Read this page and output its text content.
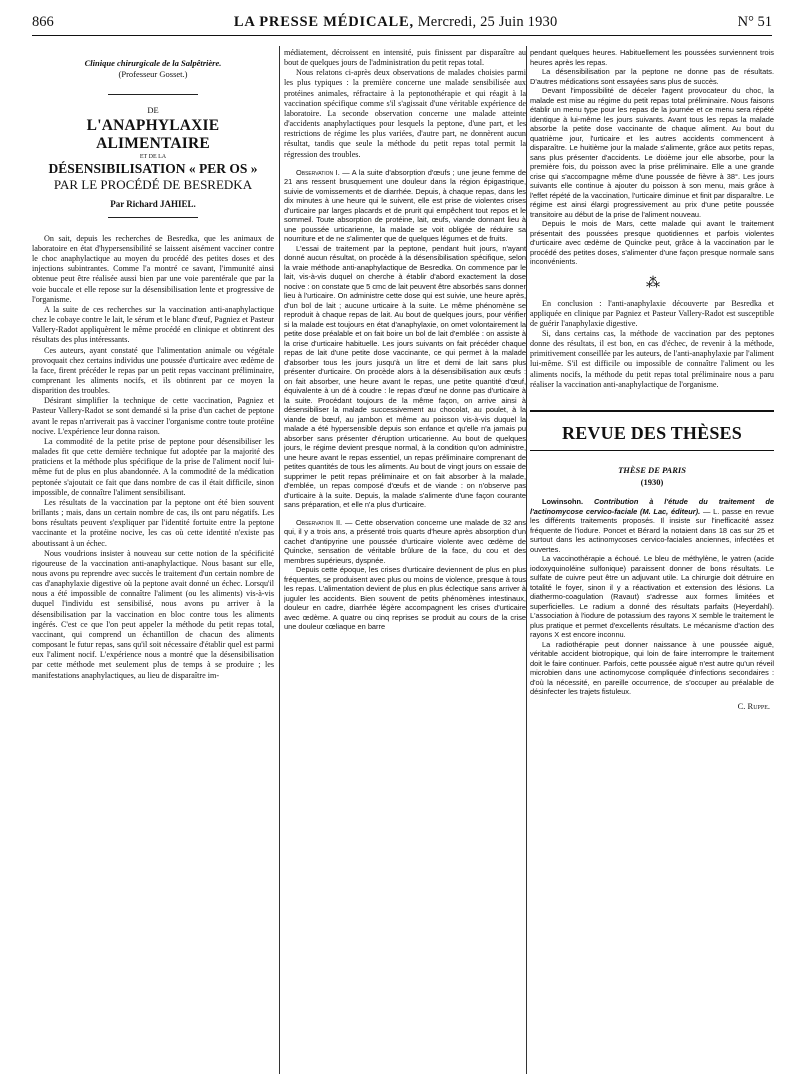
866	LA PRESSE MÉDICALE, Mercredi, 25 Juin 1930	N° 51
Clinique chirurgicale de la Salpêtrière.
(Professeur Gosset.)
DE
L'ANAPHYLAXIE ALIMENTAIRE
ET DE LA
DÉSENSIBILISATION « PER OS »
PAR LE PROCÉDÉ DE BESREDKA
Par Richard JAHIEL.

On sait, depuis les recherches de Besredka, que les animaux de laboratoire en état d'hypersensibilité se laissent aisément vacciner contre le choc anaphylactique au moyen du procédé des petites doses et des injections subintrantes. Comme l'a montré ce savant, l'immunité ainsi obtenue peut être réalisée aussi bien par une voie parentérale que par la voie buccale et elle repose sur la désensibilisation lente et progressive de l'organisme.

A la suite de ces recherches sur la vaccination anti-anaphylactique chez le cobaye contre le lait, le sérum et le blanc d'œuf, Pagniez et Pasteur Vallery-Radot appliquèrent le même procédé en clinique et obtinrent des résultats des plus intéressants.

Ces auteurs, ayant constaté que l'alimentation animale ou végétale provoquait chez certains individus une poussée d'urticaire avec œdème de la face, firent précéder le repas par un petit repas vaccinant préliminaire, comprenant les aliments nocifs, et ils obtinrent par ce moyen la disparition des troubles.

Désirant simplifier la technique de cette vaccination, Pagniez et Pasteur Vallery-Radot se sont demandé si la prise d'un cachet de peptone avant le repas n'arriverait pas à vacciner l'organisme contre toute protéine nocive. L'expérience leur donna raison.

La commodité de la petite prise de peptone pour désensibiliser les malades fit que cette dernière technique fut adoptée par la majorité des praticiens et la méthode plus spécifique de la prise de l'aliment nocif lui-même fut de plus en plus abandonnée. A la commodité de la médication peptonée s'ajoutait ce fait que dans nombre de cas il était difficile, sinon impossible, de connaître l'aliment sensibilisant.

Les résultats de la vaccination par la peptone ont été bien souvent brillants ; mais, dans un certain nombre de cas, ils ont paru négatifs. Les bons résultats peuvent s'expliquer par l'identité fortuite entre la peptone vaccinante et la protéine nocive, les cas où cette identité n'existe pas aboutissant à un échec.

Nous voudrions insister à nouveau sur cette notion de la spécificité rigoureuse de la vaccination anti-anaphylactique. Nous basant sur elle, nous avons pu reprendre avec succès le traitement d'un certain nombre de cas d'anaphylaxie digestive où la peptone avait donné un échec. Lorsqu'il nous a été impossible de connaître l'aliment (ou les aliments) vis-à-vis duquel l'individu est sensibilisé, nous avons pu arriver à la désensibilisation par la vaccination en bloc contre tous les aliments ingérés. C'est ce que l'on peut appeler la méthode du petit repas total, vaccinant, qui comprend un échantillon de chacun des aliments composant le futur repas, sans qu'il soit nécessaire d'établir quel est parmi eux l'aliment nocif. L'expérience nous a montré que la désensibilisation par cette méthode met seulement plus de temps à se produire ; les manifestations anaphylactiques, au lieu de disparaître im-

médiatement, décroissent en intensité, puis finissent par disparaître au bout de quelques jours de l'administration du petit repas total.

Nous relatons ci-après deux observations de malades choisies parmi les plus typiques : la première concerne une malade sensibilisée aux protéines animales, réfractaire à la peptonothérapie et qui réagit à la vaccination spécifique comme s'il s'agissait d'une véritable expérience de laboratoire. La seconde observation concerne une malade atteinte d'accidents anaphylactiques pour lesquels la peptone, d'une part, et les restrictions de régime les plus variées, d'autre part, ne donnèrent aucun résultat, tandis que seule la méthode du petit repas total permit la régression des troubles.

Observation I. — A la suite d'absorption d'œufs ; une jeune femme de 21 ans ressent brusquement une douleur dans la région épigastrique, suivie de vomissements et de diarrhée. Depuis, à chaque repas, dans les dix minutes à une heure qui le suivent, elle est prise de violentes crises d'urticaire par larges placards et de prurit qui empêchent tout repos et le sommeil. Toute absorption de protéine, lait, œufs, viande donnant lieu à une poussée urticarienne, la malade se voit obligée de réduire sa nourriture et de ne s'alimenter que de quelques légumes et de fruits.

L'essai de traitement par la peptone, pendant huit jours, n'ayant donné aucun résultat, on procède à la désensibilisation spécifique, selon la vraie méthode anti-anaphylactique de Besredka. On commence par le lait, vis-à-vis duquel on cherche à établir d'abord exactement la dose nocive : on constate que 5 cmc de lait peuvent être absorbés sans donner lieu à l'urticaire. On administre cette dose qui est suivie, une heure après, d'un bol de lait ; aucune urticaire à la suite. Le même phénomène se reproduit à chaque repas de lait. Au bout de quelques jours, pour vérifier si la malade est toujours en état d'anaphylaxie, on omet volontairement la petite dose préalable et on fait boire un bol de lait d'emblée : on assiste à la crise d'urticaire habituelle. Les jours suivants on fait précéder chaque repas de lait d'une petite dose vaccinante, ce qui permet à la malade d'absorber tous les jours jusqu'à un litre et demi de lait sans plus présenter d'urticaire. On procède alors à la désensibilisation aux œufs : on fait absorber, une heure avant le repas, une petite quantité d'œuf, équivalente à un dé à coudre : le repas d'œuf ne donne pas d'urticaire à la suite. Procédant toujours de la même façon, on arrive ainsi à désensibiliser la malade successivement au chocolat, au poulet, à la viande de bœuf, au jambon et même au poisson vis-à-vis duquel la malade a été hypersensible depuis son enfance et qu'elle n'a jamais pu absorber sans présenter d'éruption urticarienne. Au bout de quelques jours, le régime devient presque normal, à la condition qu'on administre, une heure avant le repas essentiel, un repas préliminaire comprenant de petites quantités de tous les aliments. Au bout de vingt jours on essaie de supprimer le petit repas préliminaire et on fait absorber à la malade, d'emblée, un repas composé d'œufs et de viande : on n'observe pas d'urticaire à la suite. Depuis, la malade s'alimente d'une façon courante sans préparation, et elle n'a plus d'urticaire.

Observation II. — Cette observation concerne une malade de 32 ans qui, il y a trois ans, a présenté trois quarts d'heure après absorption d'un cachet d'antipyrine une poussée d'urticaire violente avec œdème de Quincke, sensation de véritable brûlure de la face, du cou et des membres supérieurs, dyspnée.

Depuis cette époque, les crises d'urticaire deviennent de plus en plus fréquentes, se produisent avec plus ou moins de violence, presque à tous les repas. L'alimentation devient de plus en plus éclectique sans arriver à juguler les accidents. Bien souvent de petits phénomènes intestinaux, douleur en cadre, diarrhée légère accompagnent les crises d'urticaire avec œdème. A quatre ou cinq reprises se produit au cours de la crise une douleur cœliaque en barre

pendant quelques heures. Habituellement les poussées surviennent trois heures après les repas.

La désensibilisation par la peptone ne donne pas de résultats. D'autres médications sont essayées sans plus de succès.

Devant l'impossibilité de déceler l'agent provocateur du choc, la malade est mise au régime du petit repas total préliminaire. Nous faisons établir un menu type pour les repas de la journée et ce menu sera répété identique à lui-même les jours suivants. Avant tous les repas la malade absorbe la petite dose vaccinante de chaque aliment. Au bout du quatrième jour, l'urticaire et les autres accidents commencent à disparaître. Le huitième jour la malade s'alimente, grâce aux petits repas, sans plus présenter d'accidents. Le dixième jour elle absorbe, pour la première fois, du poisson avec la prise préliminaire. Elle a une grande crise qui s'accompagne même d'une poussée de fièvre à 38°. Les jours suivants elle continue à ajouter du poisson à son menu, mais grâce à l'effet répété de la vaccination, l'urticaire diminue et finit par disparaître. Le régime est ainsi élargi progressivement au prix d'une petite poussée transitoire au début de la prise de l'aliment nouveau.

Depuis le mois de Mars, cette malade qui avant le traitement présentait des poussées presque quotidiennes et parfois violentes d'urticaire avec œdème de Quincke peut, grâce à la vaccination par le procédé des petites doses, s'alimenter d'une façon presque normale sans inconvénients.

⁂

En conclusion : l'anti-anaphylaxie découverte par Besredka et appliquée en clinique par Pagniez et Pasteur Vallery-Radot est susceptible de guérir l'anaphylaxie digestive.

Si, dans certains cas, la méthode de vaccination par des peptones donne des résultats, il est bon, en cas d'échec, de revenir à la méthode, primitivement conseillée par les auteurs, de l'anti-anaphylaxie par l'aliment lui-même. S'il est difficile ou impossible de connaître l'aliment ou les aliments nocifs, la méthode du petit repas total préliminaire nous a paru réaliser la vaccination anti-anaphylactique de l'organisme.

REVUE DES THÈSES
THÈSE DE PARIS
(1930)

Lowinsohn. Contribution à l'étude du traitement de l'actinomycose cervico-faciale (M. Lac, éditeur). — L. passe en revue les différents traitements proposés. Il insiste sur l'inefficacité assez fréquente de l'iodure. Poncet et Bérard la notaient dans 18 cas sur 25 et surtout dans les actinomycoses cervico-faciales anciennes, infectées et ouvertes.

La vaccinothérapie a échoué. Le bleu de méthylène, le yatren (acide iodoxyquinoléine sulfonique) paraissent donner de bons résultats. Le sulfate de cuivre peut être un adjuvant utile. La chirurgie doit détruire en totalité le foyer, sinon il y a réactivation et extension des lésions. La diathermo-coagulation (Ravaut) s'adresse aux formes limitées et superficielles. Le radium a donné des résultats parfaits (Heyerdahl). L'association à l'iodure de potassium des rayons X semble le traitement le plus pratique et permet d'excellents résultats. Le mécanisme d'action des rayons X est encore inconnu.

La radiothérapie peut donner naissance à une poussée aiguë, véritable accident biotropique, qui loin de faire interrompre le traitement doit le faire continuer. Parfois, cette poussée aiguë n'est autre qu'un réveil microbien dans une actinomycose compliquée d'infections secondaires : d'où la nécessité, en pareille occurrence, de s'occuper au préalable de désinfecter les trajets fistuleux.

C. Ruppe.
